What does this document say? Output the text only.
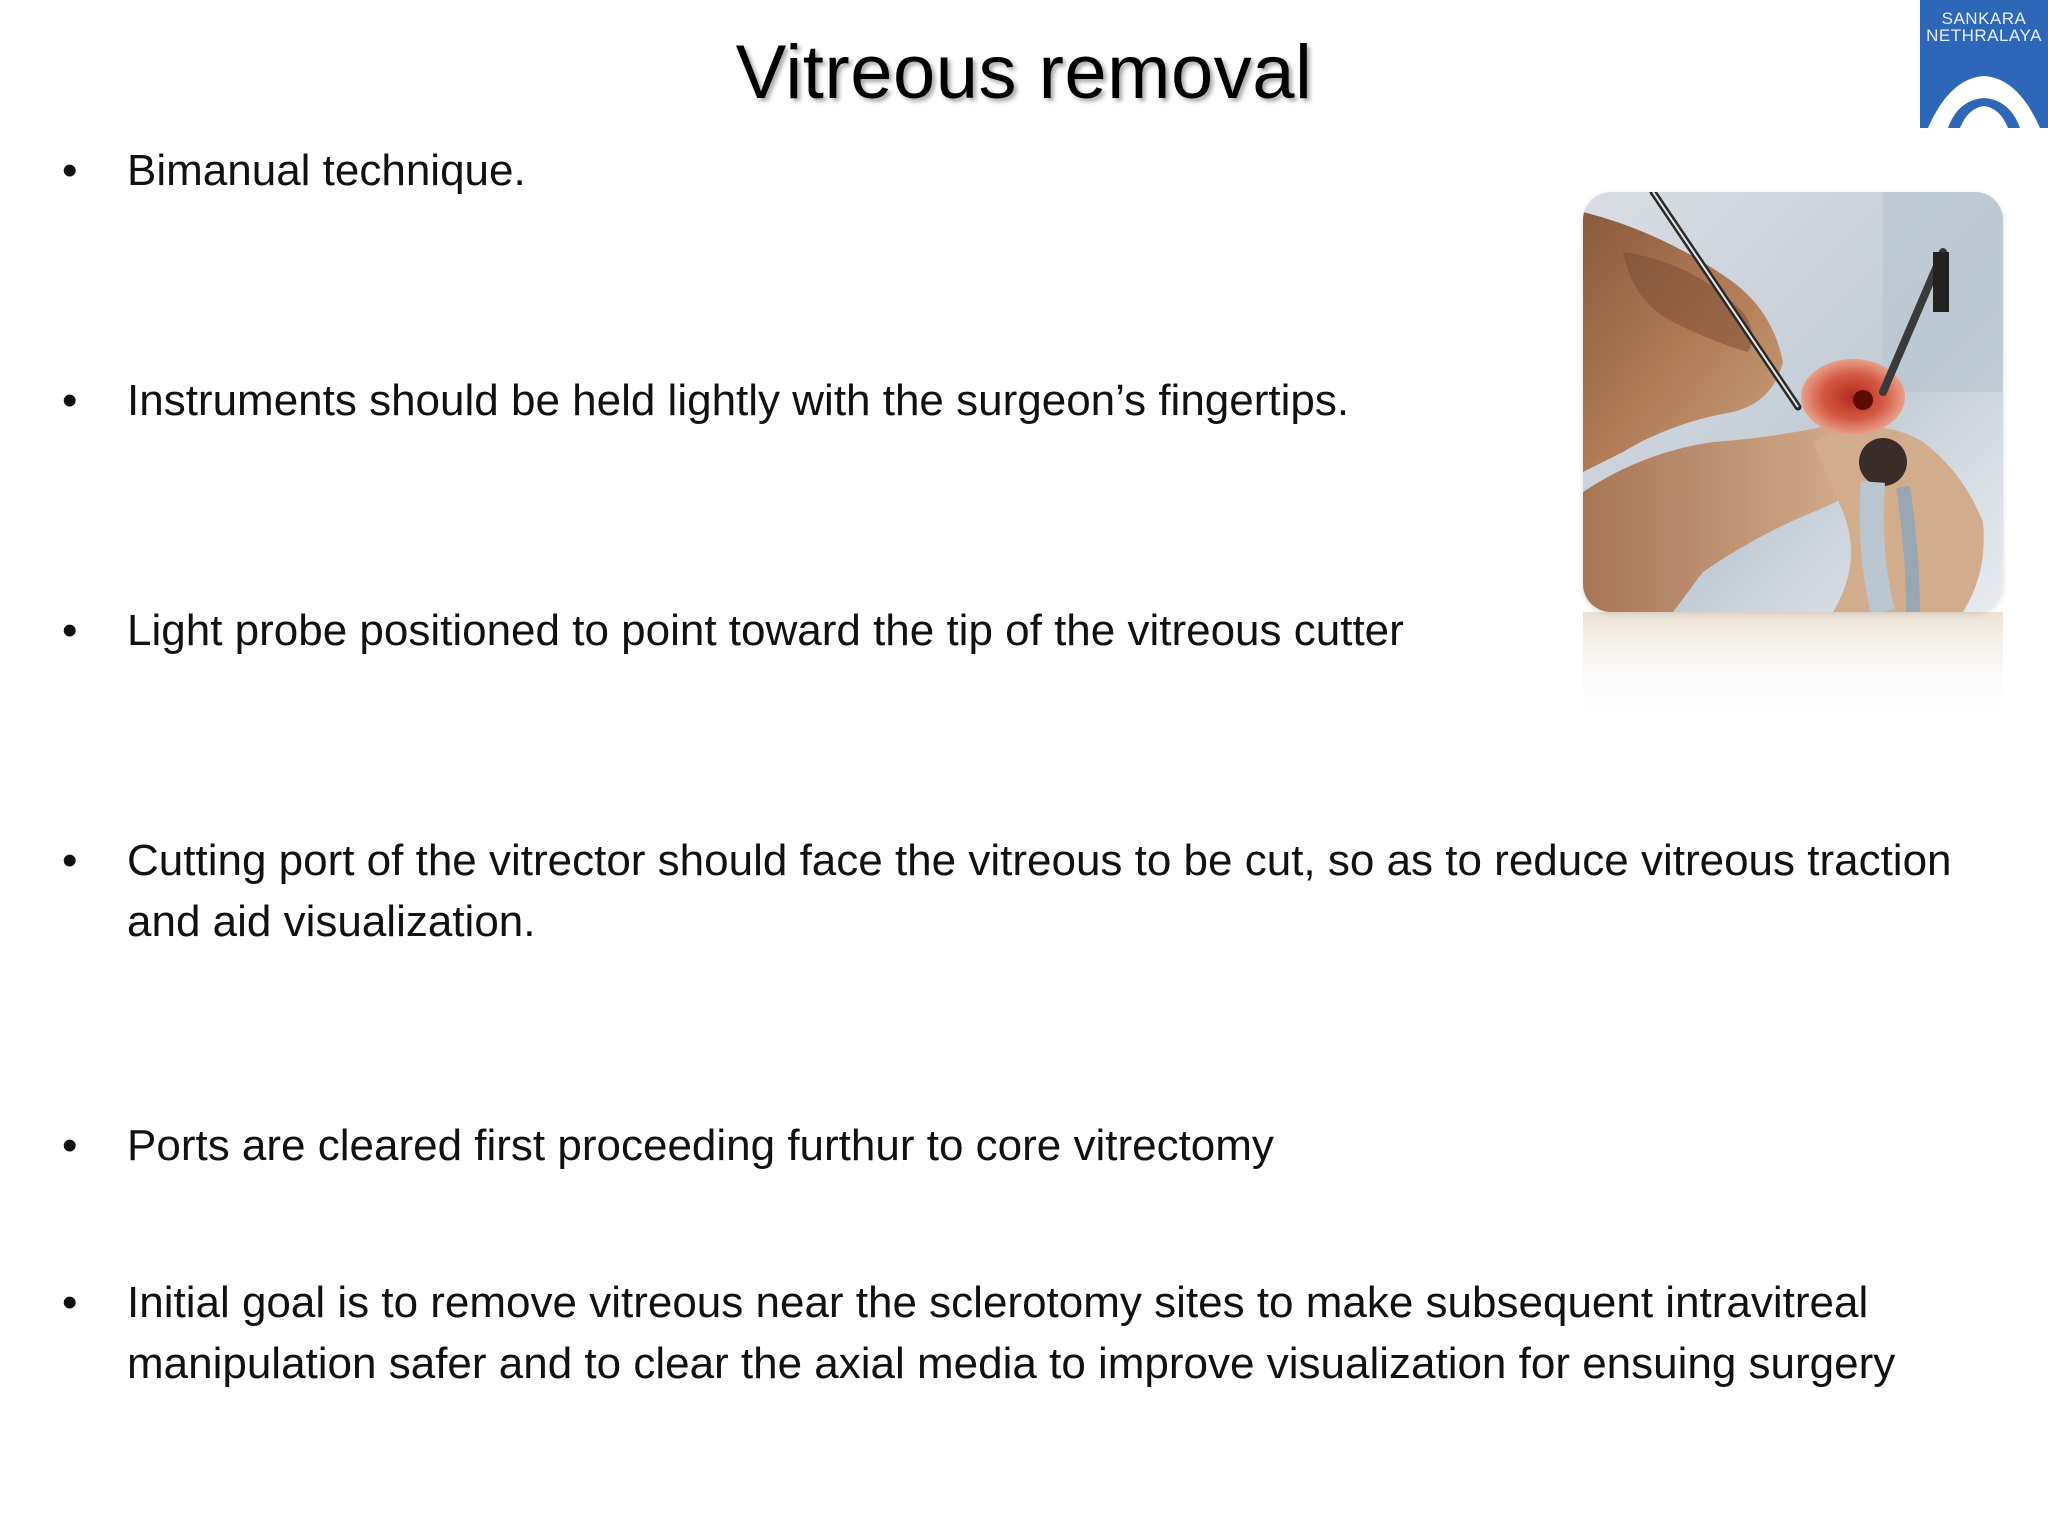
Vitreous removal
SANKARA
NETHRALAYA
• Bimanual technique.
• Instruments should be held lightly with the surgeon’s fingertips.
• Light probe positioned to point toward the tip of the vitreous cutter
• Cutting port of the vitrector should face the vitreous to be cut, so as to reduce vitreous traction and aid visualization.
• Ports are cleared first proceeding furthur to core vitrectomy
• Initial goal is to remove vitreous near the sclerotomy sites to make subsequent intravitreal manipulation safer and to clear the axial media to improve visualization for ensuing surgery
